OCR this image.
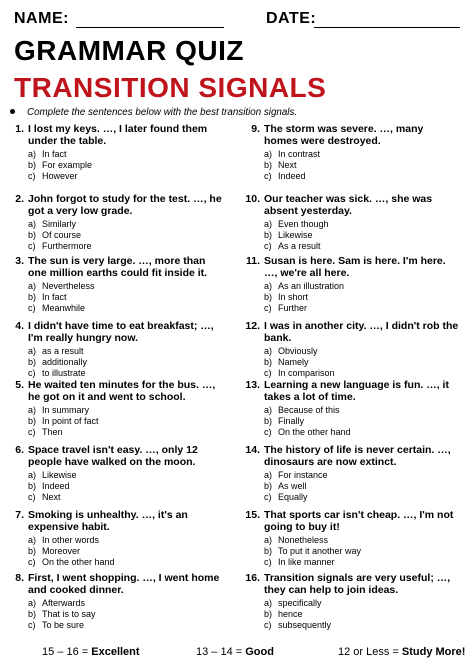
NAME:	DATE:
GRAMMAR QUIZ
TRANSITION SIGNALS
Complete the sentences below with the best transition signals.
1. I lost my keys. …, I later found them under the table.
a) In fact
b) For example
c) However
2. John forgot to study for the test. …, he got a very low grade.
a) Similarly
b) Of course
c) Furthermore
3. The sun is very large. …, more than one million earths could fit inside it.
a) Nevertheless
b) In fact
c) Meanwhile
4. I didn't have time to eat breakfast; …, I'm really hungry now.
a) as a result
b) additionally
c) to illustrate
5. He waited ten minutes for the bus. …, he got on it and went to school.
a) In summary
b) In point of fact
c) Then
6. Space travel isn't easy. …, only 12 people have walked on the moon.
a) Likewise
b) Indeed
c) Next
7. Smoking is unhealthy. …, it's an expensive habit.
a) In other words
b) Moreover
c) On the other hand
8. First, I went shopping. …, I went home and cooked dinner.
a) Afterwards
b) That is to say
c) To be sure
9. The storm was severe. …, many homes were destroyed.
a) In contrast
b) Next
c) Indeed
10. Our teacher was sick. …, she was absent yesterday.
a) Even though
b) Likewise
c) As a result
11. Susan is here. Sam is here. I'm here. …, we're all here.
a) As an illustration
b) In short
c) Further
12. I was in another city. …, I didn't rob the bank.
a) Obviously
b) Namely
c) In comparison
13. Learning a new language is fun. …, it takes a lot of time.
a) Because of this
b) Finally
c) On the other hand
14. The history of life is never certain. …, dinosaurs are now extinct.
a) For instance
b) As well
c) Equally
15. That sports car isn't cheap. …, I'm not going to buy it!
a) Nonetheless
b) To put it another way
c) In like manner
16. Transition signals are very useful; …, they can help to join ideas.
a) specifically
b) hence
c) subsequently
15 – 16 = Excellent	13 – 14 = Good	12 or Less = Study More!
